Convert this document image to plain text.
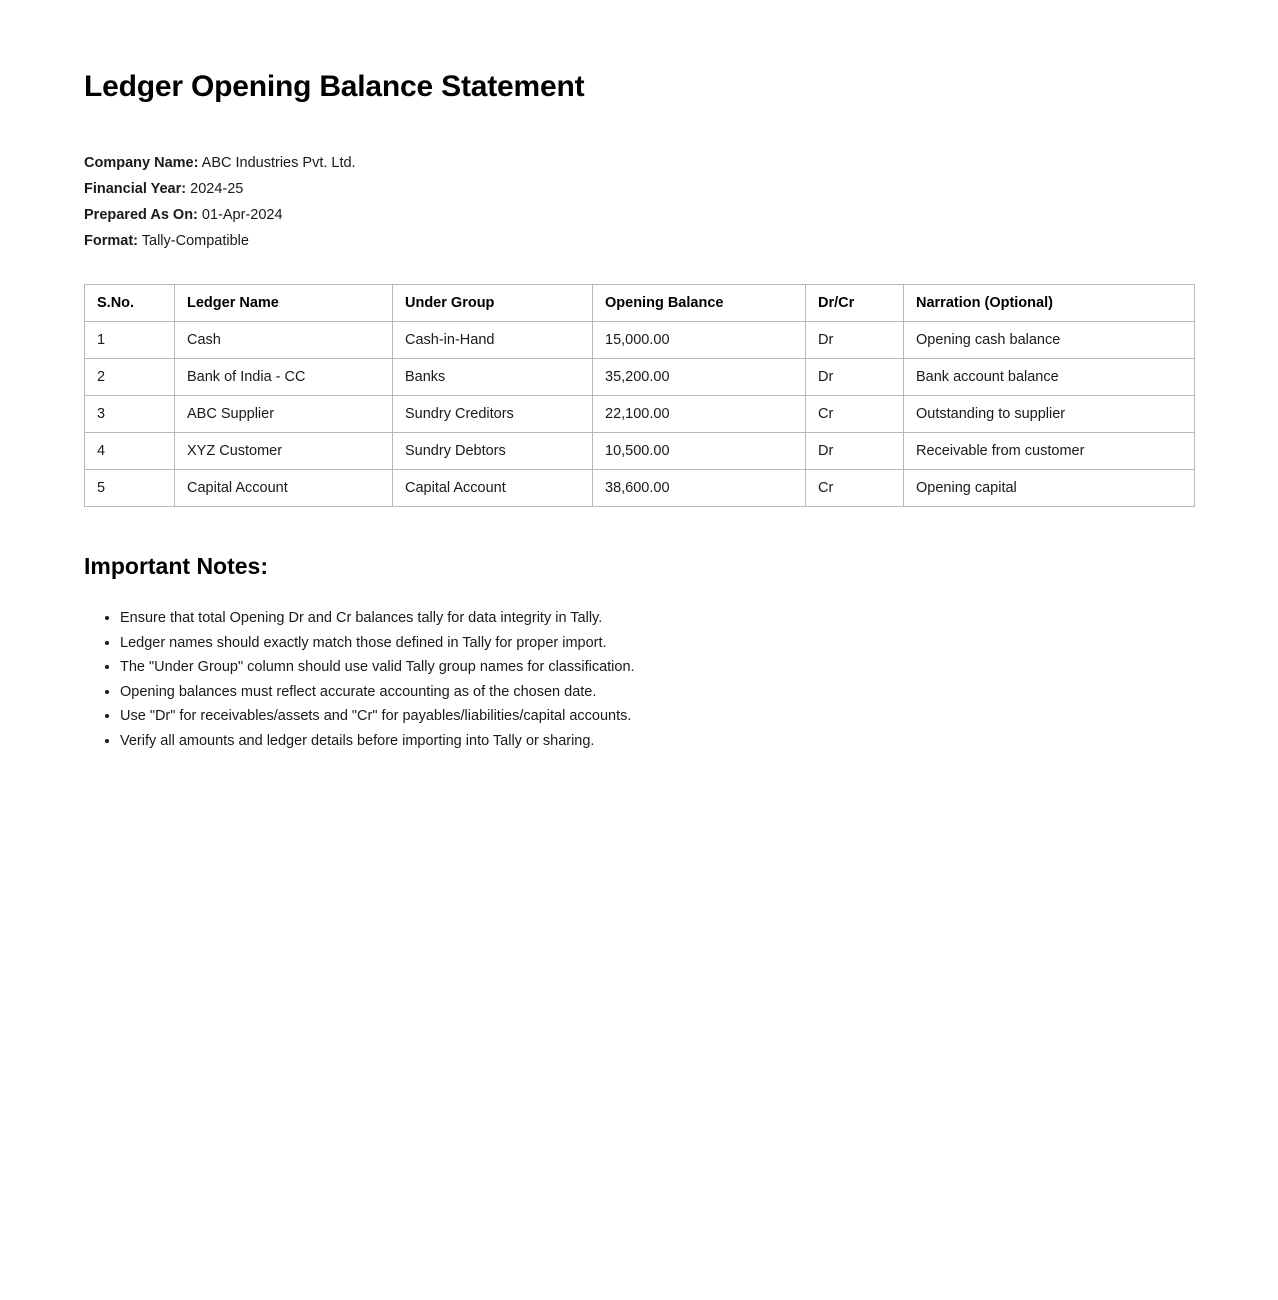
Ledger Opening Balance Statement
Company Name: ABC Industries Pvt. Ltd.
Financial Year: 2024-25
Prepared As On: 01-Apr-2024
Format: Tally-Compatible
S.No.	Ledger Name	Under Group	Opening Balance	Dr/Cr	Narration (Optional)
1	Cash	Cash-in-Hand	15,000.00	Dr	Opening cash balance
2	Bank of India - CC	Banks	35,200.00	Dr	Bank account balance
3	ABC Supplier	Sundry Creditors	22,100.00	Cr	Outstanding to supplier
4	XYZ Customer	Sundry Debtors	10,500.00	Dr	Receivable from customer
5	Capital Account	Capital Account	38,600.00	Cr	Opening capital
Important Notes:
• Ensure that total Opening Dr and Cr balances tally for data integrity in Tally.
• Ledger names should exactly match those defined in Tally for proper import.
• The "Under Group" column should use valid Tally group names for classification.
• Opening balances must reflect accurate accounting as of the chosen date.
• Use "Dr" for receivables/assets and "Cr" for payables/liabilities/capital accounts.
• Verify all amounts and ledger details before importing into Tally or sharing.
